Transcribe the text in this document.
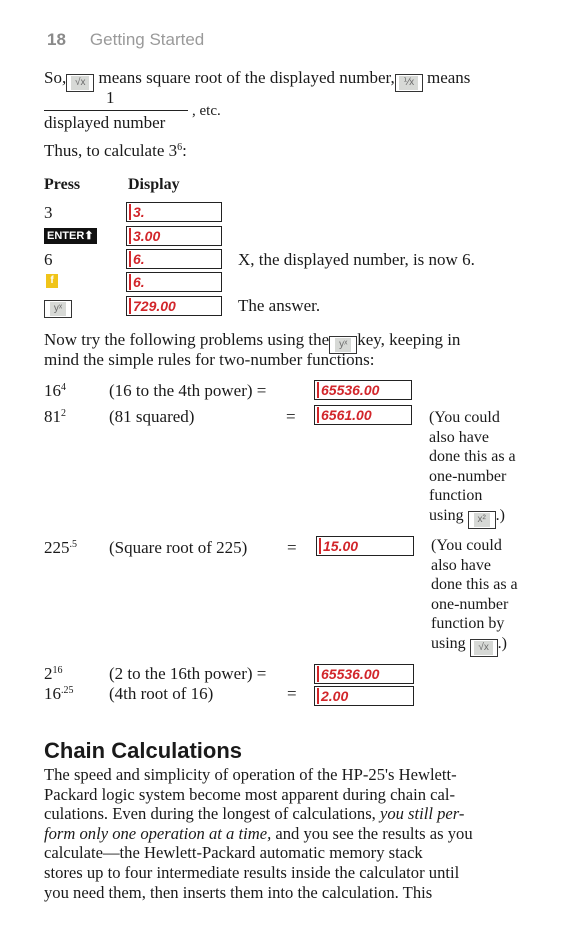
18 Getting Started
So, √x means square root of the displayed number, ⅟x means
1
displayed number
, etc.
Thus, to calculate $3^6$:
Press	Display
3	3.
ENTER⬆	3.00
6	6.	X, the displayed number, is now 6.
f	6.
yˣ	729.00	The answer.
Now try the following problems using the yˣ key, keeping in
mind the simple rules for two-number functions:
$16^4$	(16 to the 4th power) =	65536.00
$81^2$	(81 squared)	= 6561.00	(You could
also have
done this as a
one-number
function
using x² .)
$225^{.5}$ (Square root of 225) = 15.00	(You could
also have
done this as a
one-number
function by
using √x .)
$2^{16}$	(2 to the 16th power) =	65536.00
$16^{.25}$ (4th root of 16)	= 2.00
Chain Calculations
The speed and simplicity of operation of the HP-25's Hewlett-
Packard logic system become most apparent during chain cal-
culations. Even during the longest of calculations, you still per-
form only one operation at a time, and you see the results as you
calculate—the Hewlett-Packard automatic memory stack
stores up to four intermediate results inside the calculator until
you need them, then inserts them into the calculation. This
